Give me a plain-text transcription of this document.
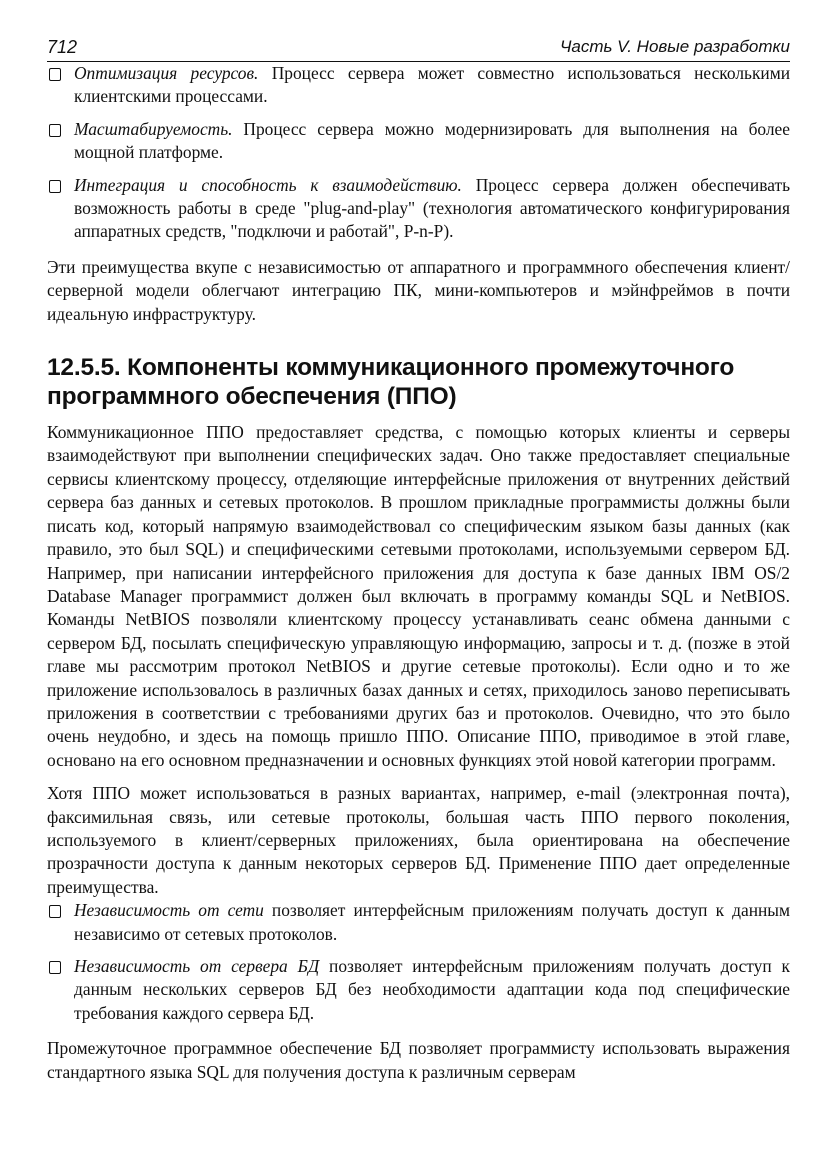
712	Часть V. Новые разработки
Оптимизация ресурсов. Процесс сервера может совместно использоваться несколькими клиентскими процессами.
Масштабируемость. Процесс сервера можно модернизировать для выполнения на более мощной платформе.
Интеграция и способность к взаимодействию. Процесс сервера должен обеспечивать возможность работы в среде "plug-and-play" (технология автоматического конфигурирования аппаратных средств, "подключи и работай", P-n-P).

Эти преимущества вкупе с независимостью от аппаратного и программного обеспечения клиент/серверной модели облегчают интеграцию ПК, мини-компьютеров и мэйнфреймов в почти идеальную инфраструктуру.

12.5.5. Компоненты коммуникационного промежуточного программного обеспечения (ППО)

Коммуникационное ППО предоставляет средства, с помощью которых клиенты и серверы взаимодействуют при выполнении специфических задач. Оно также предоставляет специальные сервисы клиентскому процессу, отделяющие интерфейсные приложения от внутренних действий сервера баз данных и сетевых протоколов. В прошлом прикладные программисты должны были писать код, который напрямую взаимодействовал со специфическим языком базы данных (как правило, это был SQL) и специфическими сетевыми протоколами, используемыми сервером БД. Например, при написании интерфейсного приложения для доступа к базе данных IBM OS/2 Database Manager программист должен был включать в программу команды SQL и NetBIOS. Команды NetBIOS позволяли клиентскому процессу устанавливать сеанс обмена данными с сервером БД, посылать специфическую управляющую информацию, запросы и т. д. (позже в этой главе мы рассмотрим протокол NetBIOS и другие сетевые протоколы). Если одно и то же приложение использовалось в различных базах данных и сетях, приходилось заново переписывать приложения в соответствии с требованиями других баз и протоколов. Очевидно, что это было очень неудобно, и здесь на помощь пришло ППО. Описание ППО, приводимое в этой главе, основано на его основном предназначении и основных функциях этой новой категории программ.

Хотя ППО может использоваться в разных вариантах, например, e-mail (электронная почта), факсимильная связь, или сетевые протоколы, большая часть ППО первого поколения, используемого в клиент/серверных приложениях, была ориентирована на обеспечение прозрачности доступа к данным некоторых серверов БД. Применение ППО дает определенные преимущества.

Независимость от сети позволяет интерфейсным приложениям получать доступ к данным независимо от сетевых протоколов.
Независимость от сервера БД позволяет интерфейсным приложениям получать доступ к данным нескольких серверов БД без необходимости адаптации кода под специфические требования каждого сервера БД.

Промежуточное программное обеспечение БД позволяет программисту использовать выражения стандартного языка SQL для получения доступа к различным серверам
